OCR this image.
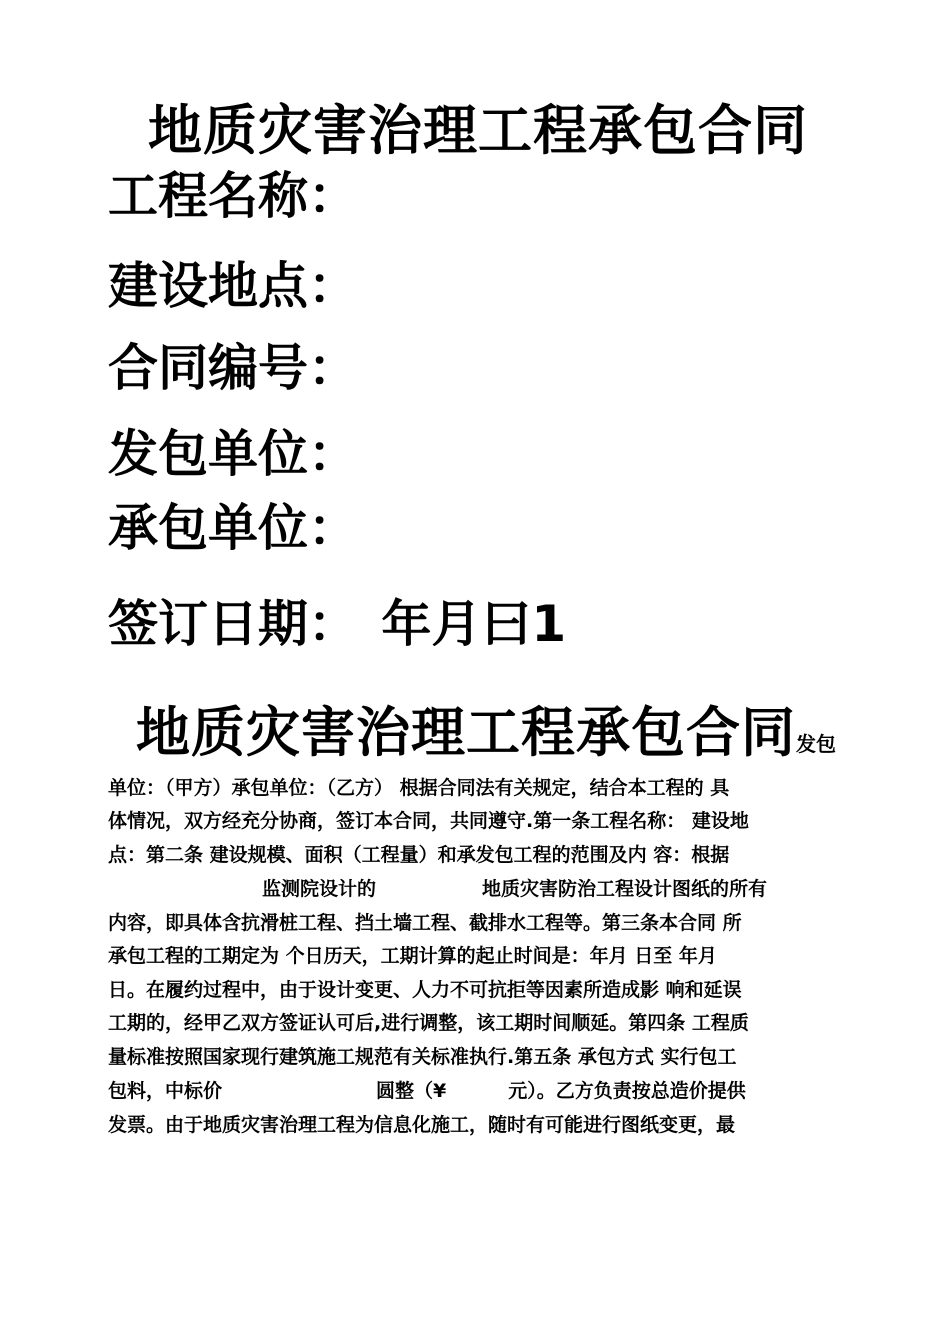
地质灾害治理工程承包合同
工程名称：
建设地点：
合同编号：
发包单位：
承包单位：
签订日期： 年月曰1
地质灾害治理工程承包合同发包
单位：（甲方）承包单位：（乙方） 根据合同法有关规定，结合本工程的 具
体情况，双方经充分协商，签订本合同，共同遵守.第一条工程名称： 建设地
点：第二条 建设规模、面积（工程量）和承发包工程的范围及内 容：根据
监测院设计的	地质灾害防治工程设计图纸的所有
内容，即具体含抗滑桩工程、挡土墙工程、截排水工程等。第三条本合同 所
承包工程的工期定为 个日历天，工期计算的起止时间是：年月 日至 年月
日。在履约过程中，由于设计变更、人力不可抗拒等因素所造成影 响和延误
工期的，经甲乙双方签证认可后,进行调整，该工期时间顺延。第四条 工程质
量标准按照国家现行建筑施工规范有关标准执行.第五条 承包方式 实行包工
包料，中标价	圆整（¥	元）。乙方负责按总造价提供
发票。由于地质灾害治理工程为信息化施工，随时有可能进行图纸变更，最
